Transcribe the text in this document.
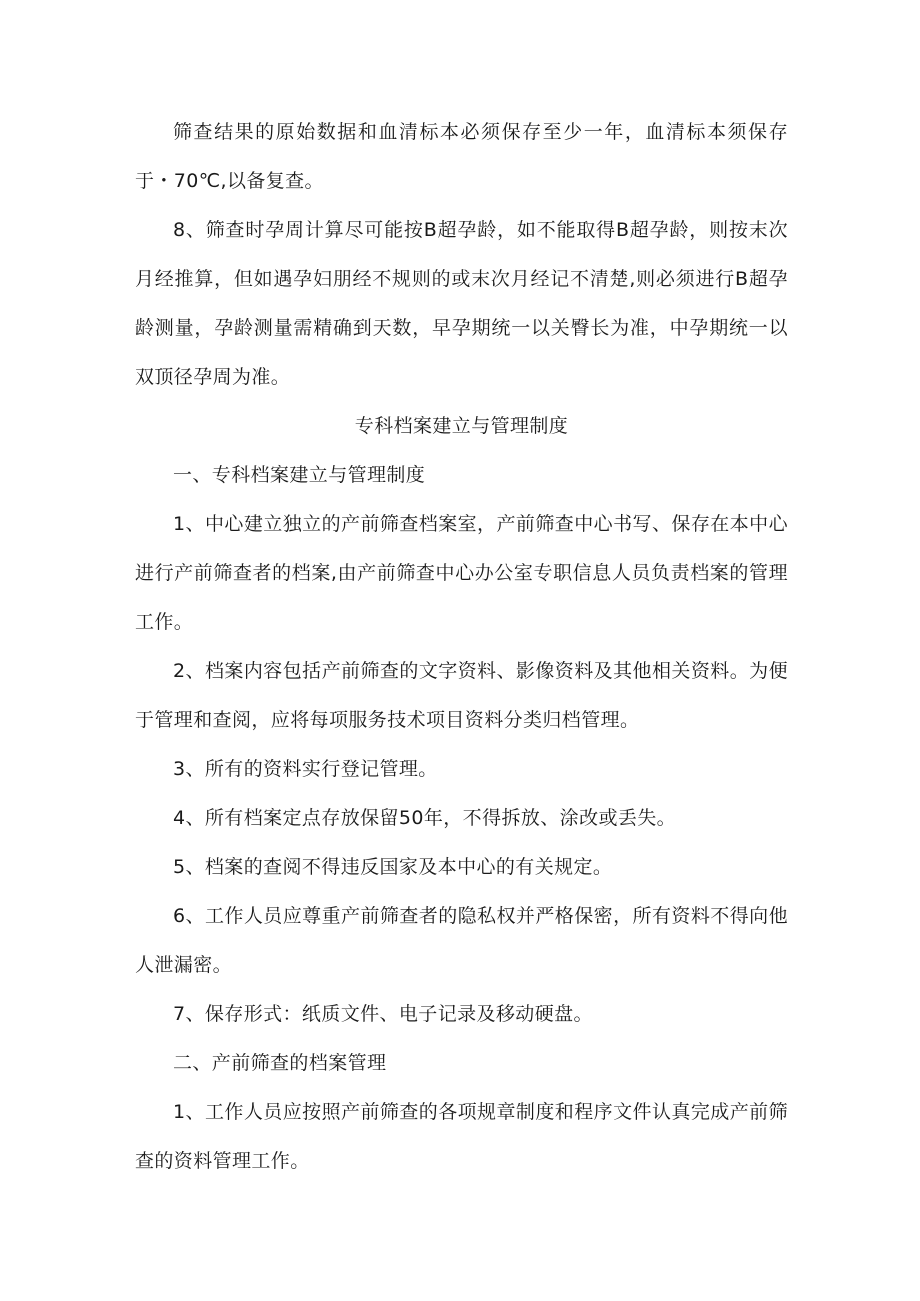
筛查结果的原始数据和血清标本必须保存至少一年，血清标本须保存于・70℃,以备复查。

8、筛查时孕周计算尽可能按B超孕龄，如不能取得B超孕龄，则按末次月经推算，但如遇孕妇朋经不规则的或末次月经记不清楚,则必须进行B超孕龄测量，孕龄测量需精确到天数，早孕期统一以关臀长为准，中孕期统一以双顶径孕周为准。

专科档案建立与管理制度

一、专科档案建立与管理制度

1、中心建立独立的产前筛查档案室，产前筛查中心书写、保存在本中心进行产前筛查者的档案,由产前筛查中心办公室专职信息人员负责档案的管理工作。

2、档案内容包括产前筛查的文字资料、影像资料及其他相关资料。为便于管理和查阅，应将每项服务技术项目资料分类归档管理。

3、所有的资料实行登记管理。

4、所有档案定点存放保留50年，不得拆放、涂改或丢失。

5、档案的查阅不得违反国家及本中心的有关规定。

6、工作人员应尊重产前筛查者的隐私权并严格保密，所有资料不得向他人泄漏密。

7、保存形式：纸质文件、电子记录及移动硬盘。

二、产前筛查的档案管理

1、工作人员应按照产前筛查的各项规章制度和程序文件认真完成产前筛查的资料管理工作。
